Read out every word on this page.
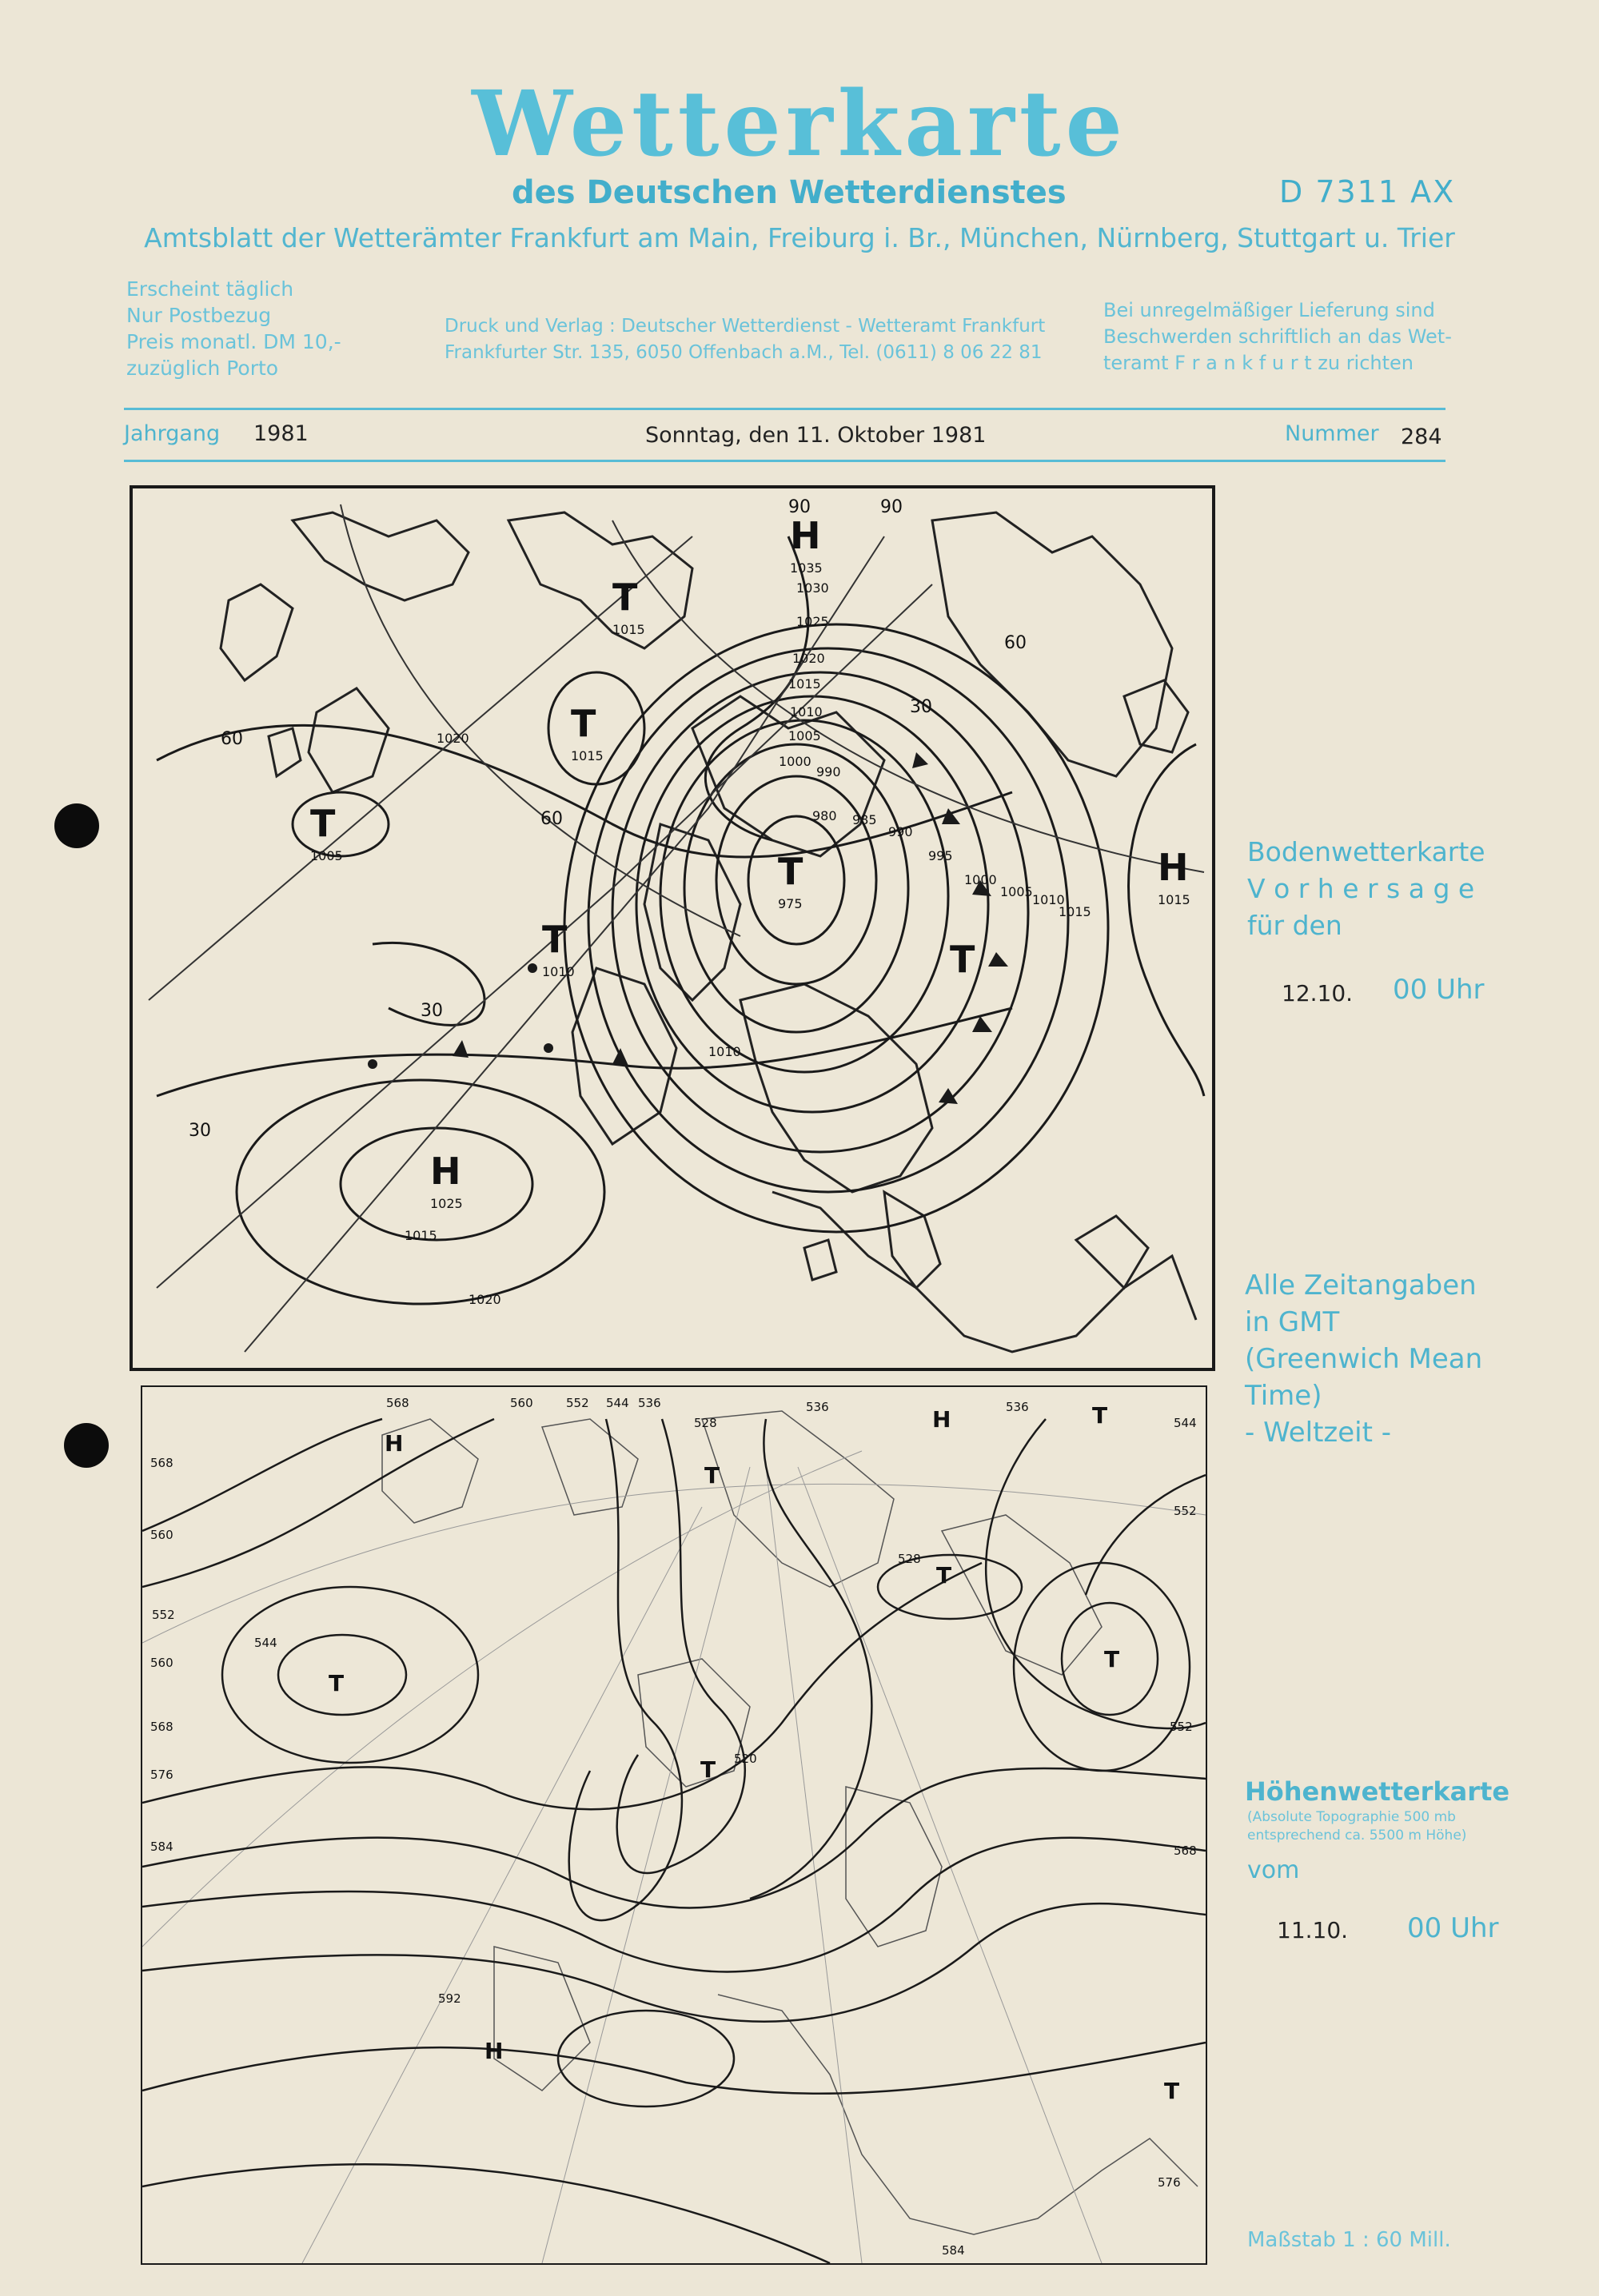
Wetterkarte
des Deutschen Wetterdienstes	D 7311 AX
Amtsblatt der Wetterämter Frankfurt am Main, Freiburg i. Br., München, Nürnberg, Stuttgart u. Trier
Erscheint täglich
Nur Postbezug
Preis monatl. DM 10,-
zuzüglich Porto
Druck und Verlag : Deutscher Wetterdienst - Wetteramt Frankfurt
Frankfurter Str. 135, 6050 Offenbach a.M., Tel. (0611) 8 06 22 81
Bei unregelmäßiger Lieferung sind
Beschwerden schriftlich an das Wet-
teramt F r a n k f u r t zu richten
Jahrgang 1981	Sonntag, den 11. Oktober 1981	Nummer 284
H
1035
T
1015
T
1015
T
1005	T
975
T
T
1010
H
1025
H
1015
1030
1025
1020
1015
1010
1005
1000
990
980 985
990
995
1000
1005
1010
1015
1020
1020
1015
1010
90	90
60
60
60
30
30
30
Bodenwetterkarte
V o r h e r s a g e
für den
12.10. 00 Uhr
Alle Zeitangaben
in GMT
(Greenwich Mean
Time)
- Weltzeit -
H
T
H	T
T
T
T
T
H
T
568	560	552 544 536
528
536	536
544
552
568
560
552
560
568
576
584
544
528
520
552
568
576
592
584
Höhenwetterkarte
(Absolute Topographie 500 mb
entsprechend ca. 5500 m Höhe)
vom
11.10. 00 Uhr
Maßstab 1 : 60 Mill.
